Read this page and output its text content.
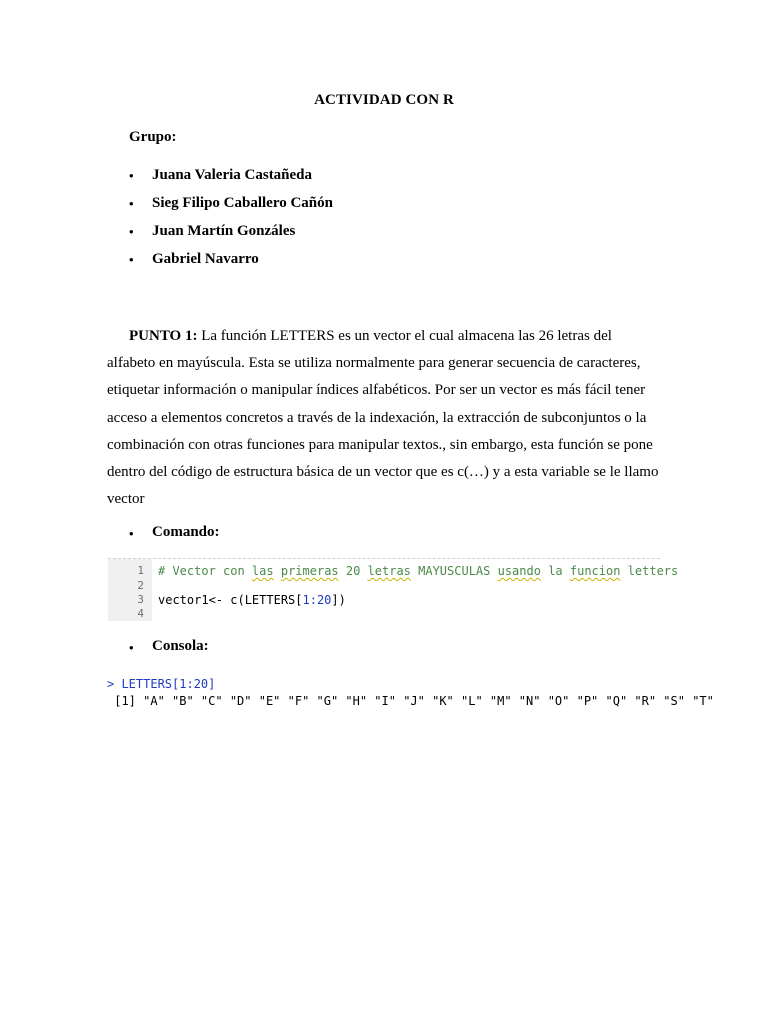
ACTIVIDAD CON R
Grupo:
•	Juana Valeria Castañeda
•	Sieg Filipo Caballero Cañón
•	Juan Martín Gonzáles
•	Gabriel Navarro

PUNTO 1: La función LETTERS es un vector el cual almacena las 26 letras del alfabeto en mayúscula. Esta se utiliza normalmente para generar secuencia de caracteres, etiquetar información o manipular índices alfabéticos. Por ser un vector es más fácil tener acceso a elementos concretos a través de la indexación, la extracción de subconjuntos o la combinación con otras funciones para manipular textos., sin embargo, esta función se pone dentro del código de estructura básica de un vector que es c(…) y a esta variable se le llamo vector

•	Comando:
1 # Vector con las primeras 20 letras MAYUSCULAS usando la funcion letters
2
3 vector1<- c(LETTERS[1:20])
4
•	Consola:
> LETTERS[1:20]
[1] "A" "B" "C" "D" "E" "F" "G" "H" "I" "J" "K" "L" "M" "N" "O" "P" "Q" "R" "S" "T"
